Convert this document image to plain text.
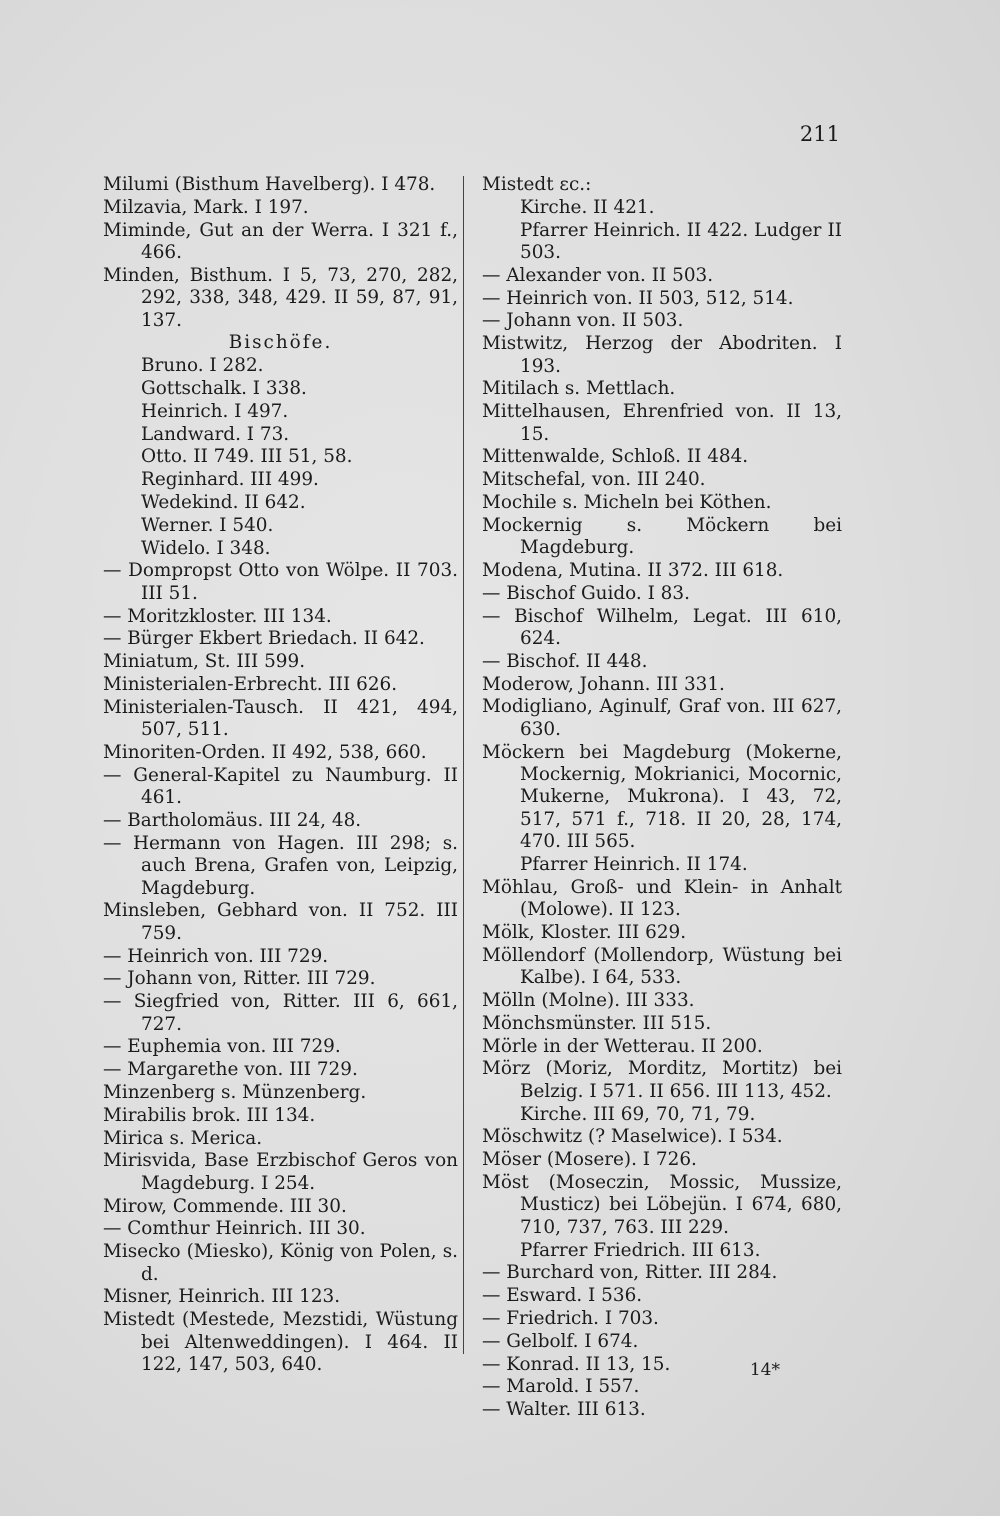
211

Milumi (Bisthum Havelberg). I 478.

Milzavia, Mark. I 197.

Miminde, Gut an der Werra. I 321 f., 466.

Minden, Bisthum. I 5, 73, 270, 282, 292, 338, 348, 429. II 59, 87, 91, 137.

Bischöfe.

Bruno. I 282.

Gottschalk. I 338.

Heinrich. I 497.

Landward. I 73.

Otto. II 749. III 51, 58.

Reginhard. III 499.

Wedekind. II 642.

Werner. I 540.

Widelo. I 348.

— Dompropst Otto von Wölpe. II 703. III 51.

— Moritzkloster. III 134.

— Bürger Ekbert Briedach. II 642.

Miniatum, St. III 599.

Ministerialen-Erbrecht. III 626.

Ministerialen-Tausch. II 421, 494, 507, 511.

Minoriten-Orden. II 492, 538, 660.

— General-Kapitel zu Naumburg. II 461.

— Bartholomäus. III 24, 48.

— Hermann von Hagen. III 298; s. auch Brena, Grafen von, Leipzig, Magdeburg.

Minsleben, Gebhard von. II 752. III 759.

— Heinrich von. III 729.

— Johann von, Ritter. III 729.

— Siegfried von, Ritter. III 6, 661, 727.

— Euphemia von. III 729.

— Margarethe von. III 729.

Minzenberg s. Münzenberg.

Mirabilis brok. III 134.

Mirica s. Merica.

Mirisvida, Base Erzbischof Geros von Magdeburg. I 254.

Mirow, Commende. III 30.

— Comthur Heinrich. III 30.

Misecko (Miesko), König von Polen, s. d.

Misner, Heinrich. III 123.

Mistedt (Mestede, Mezstidi, Wüstung bei Altenweddingen). I 464. II 122, 147, 503, 640.

Mistedt ɛc.:

Kirche. II 421.

Pfarrer Heinrich. II 422. Ludger II 503.

— Alexander von. II 503.

— Heinrich von. II 503, 512, 514.

— Johann von. II 503.

Mistwitz, Herzog der Abodriten. I 193.

Mitilach s. Mettlach.

Mittelhausen, Ehrenfried von. II 13, 15.

Mittenwalde, Schloß. II 484.

Mitschefal, von. III 240.

Mochile s. Micheln bei Köthen.

Mockernig s. Möckern bei Magdeburg.

Modena, Mutina. II 372. III 618.

— Bischof Guido. I 83.

— Bischof Wilhelm, Legat. III 610, 624.

— Bischof. II 448.

Moderow, Johann. III 331.

Modigliano, Aginulf, Graf von. III 627, 630.

Möckern bei Magdeburg (Mokerne, Mockernig, Mokrianici, Mocornic, Mukerne, Mukrona). I 43, 72, 517, 571 f., 718. II 20, 28, 174, 470. III 565.

Pfarrer Heinrich. II 174.

Möhlau, Groß- und Klein- in Anhalt (Molowe). II 123.

Mölk, Kloster. III 629.

Möllendorf (Mollendorp, Wüstung bei Kalbe). I 64, 533.

Mölln (Molne). III 333.

Mönchsmünster. III 515.

Mörle in der Wetterau. II 200.

Mörz (Moriz, Morditz, Mortitz) bei Belzig. I 571. II 656. III 113, 452.

Kirche. III 69, 70, 71, 79.

Möschwitz (? Maselwice). I 534.

Möser (Mosere). I 726.

Möst (Moseczin, Mossic, Mussize, Musticz) bei Löbejün. I 674, 680, 710, 737, 763. III 229.

Pfarrer Friedrich. III 613.

— Burchard von, Ritter. III 284.

— Esward. I 536.

— Friedrich. I 703.

— Gelbolf. I 674.

— Konrad. II 13, 15.

— Marold. I 557.

— Walter. III 613.

14*
